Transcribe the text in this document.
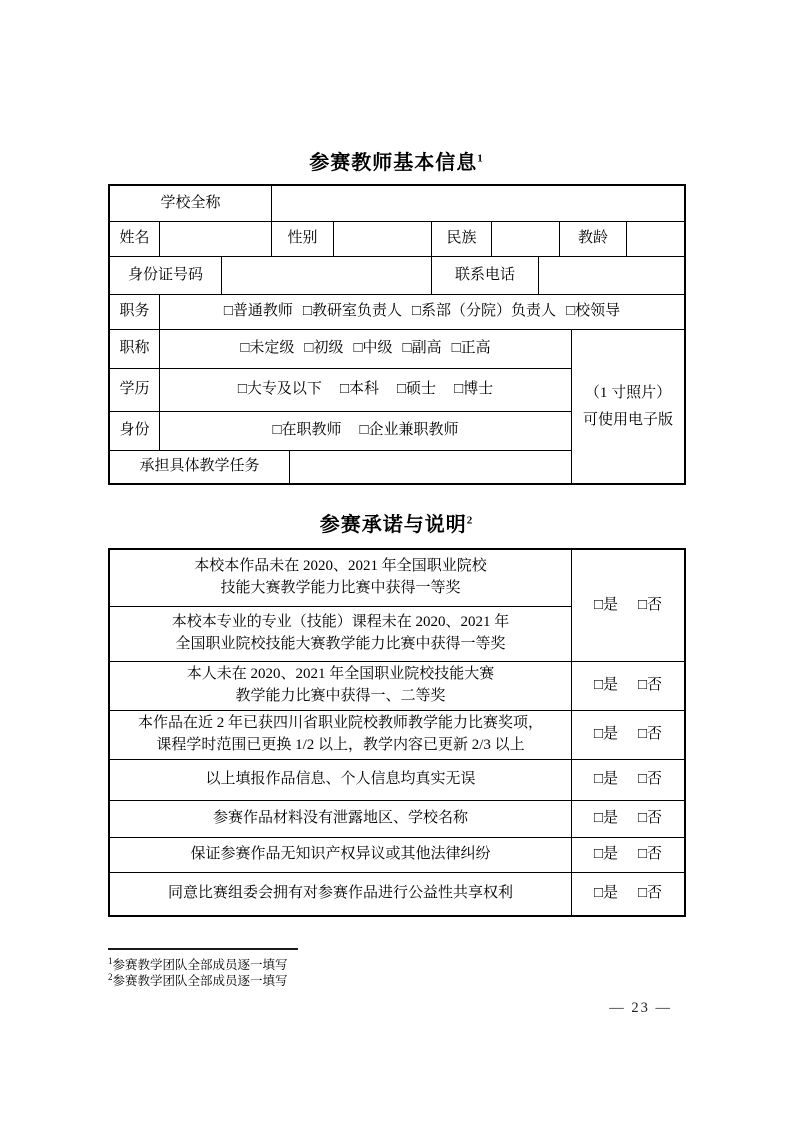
参赛教师基本信息$^1$
学校全称
姓名	性别	民族	教龄
身份证号码	联系电话
职务	□普通教师 □教研室负责人 □系部（分院）负责人 □校领导
职称	□未定级 □初级 □中级 □副高 □正高
（1 寸照片）
可使用电子版
学历	□大专及以下 □本科 □硕士 □博士
身份	□在职教师 □企业兼职教师
承担具体教学任务
参赛承诺与说明$^2$
本校本作品未在 2020、2021 年全国职业院校
技能大赛教学能力比赛中获得一等奖
□是 □否
本校本专业的专业（技能）课程未在 2020、2021 年
全国职业院校技能大赛教学能力比赛中获得一等奖
本人未在 2020、2021 年全国职业院校技能大赛
教学能力比赛中获得一、二等奖
□是 □否
本作品在近 2 年已获四川省职业院校教师教学能力比赛奖项，
课程学时范围已更换 1/2 以上，教学内容已更新 2/3 以上
□是 □否
以上填报作品信息、个人信息均真实无误	□是 □否
参赛作品材料没有泄露地区、学校名称	□是 □否
保证参赛作品无知识产权异议或其他法律纠纷	□是 □否
同意比赛组委会拥有对参赛作品进行公益性共享权利	□是 □否
$^1$参赛教学团队全部成员逐一填写
$^2$参赛教学团队全部成员逐一填写
— 23 —
